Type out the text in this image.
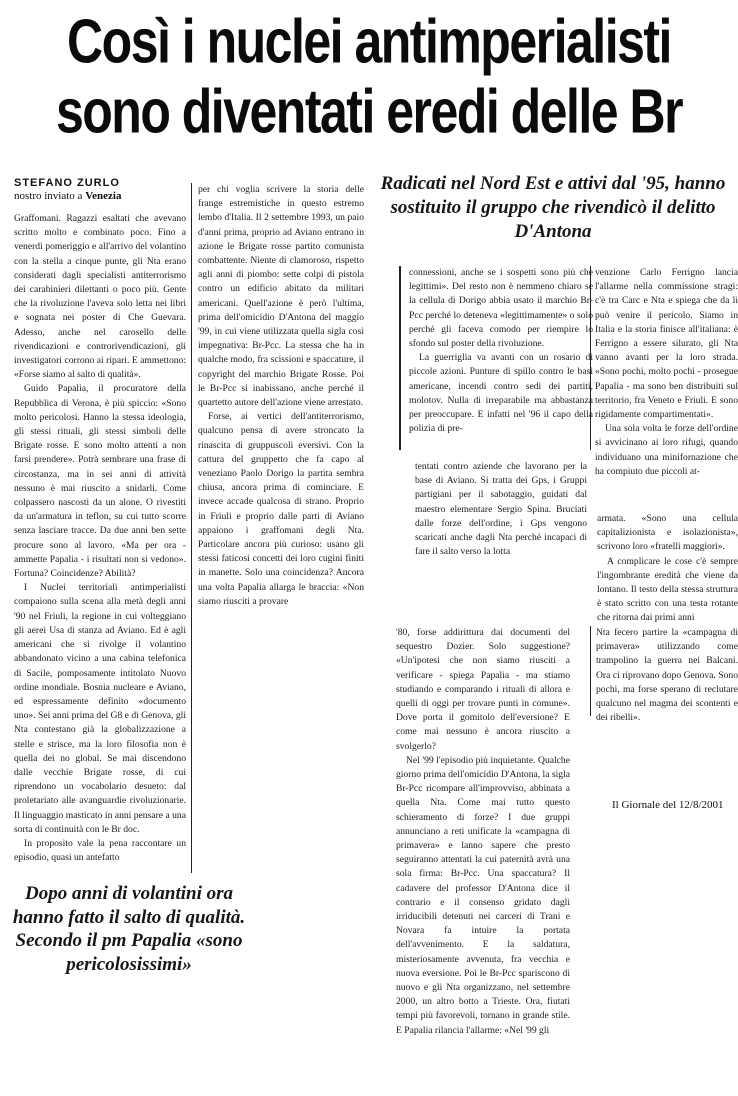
Così i nuclei antimperialisti
sono diventati eredi delle Br
STEFANO ZURLO
nostro inviato a Venezia
Radicati nel Nord Est e attivi dal '95, hanno sostituito il gruppo che rivendicò il delitto D'Antona

Graffomani. Ragazzi esaltati che avevano scritto molto e combinato poco. Fino a venerdì pomeriggio e all'arrivo del volantino con la stella a cinque punte, gli Nta erano considerati dagli specialisti antiterrorismo dei carabinieri dilettanti o poco più. Gente che la rivoluzione l'aveva solo letta nei libri e sognata nei poster di Che Guevara. Adesso, anche nel carosello delle rivendicazioni e controrivendicazioni, gli investigatori corrono ai ripari. E ammettono: «Forse siamo al salto di qualità».

Guido Papalia, il procuratore della Repubblica di Verona, è più spiccio: «Sono molto pericolosi. Hanno la stessa ideologia, gli stessi rituali, gli stessi simboli delle Brigate rosse. E sono molto attenti a non farsi prendere». Potrà sembrare una frase di circostanza, ma in sei anni di attività nessuno è mai riuscito a snidarli. Come colpassero nascosti da un alone. O rivestiti da un'armatura in teflon, su cui tutto scorre senza lasciare tracce. Da due anni ben sette procure sono al lavoro. «Ma per ora - ammette Papalia - i risultati non si vedono». Fortuna? Coincidenze? Abilità?

I Nuclei territoriali antimperialisti compaiono sulla scena alla metà degli anni '90 nel Friuli, la regione in cui volteggiano gli aerei Usa di stanza ad Aviano. Ed è agli americani che si rivolge il volantino abbandonato vicino a una cabina telefonica di Sacile, pomposamente intitolato Nuovo ordine mondiale. Bosnia nucleare e Aviano, ed espressamente definito «documento uno». Sei anni prima del G8 e di Genova, gli Nta contestano già la globalizzazione a stelle e strisce, ma la loro filosofia non è quella dei no global. Se mai discendono dalle vecchie Brigate rosse, di cui riprendono un vocabolario desueto: dal proletariato alle avanguardie rivoluzionarie. Il linguaggio masticato in anni pensare a una sorta di continuità con le Br doc.

In proposito vale la pena raccontare un episodio, quasi un antefatto

per chi voglia scrivere la storia delle frange estremistiche in questo estremo lembo d'Italia. Il 2 settembre 1993, un paio d'anni prima, proprio ad Aviano entrano in azione le Brigate rosse partito comunista combattente. Niente di clamoroso, rispetto agli anni di piombo: sette colpi di pistola contro un edificio abitato da militari americani. Quell'azione è però l'ultima, prima dell'omicidio D'Antona del maggio '99, in cui viene utilizzata quella sigla così impegnativa: Br-Pcc. La stessa che ha in qualche modo, fra scissioni e spaccature, il copyright del marchio Brigate Rosse. Poi le Br-Pcc si inabissano, anche perché il quartetto autore dell'azione viene arrestato.

Forse, ai vertici dell'antiterrorismo, qualcuno pensa di avere stroncato la rinascita di gruppuscoli eversivi. Con la cattura del gruppetto che fa capo al veneziano Paolo Dorigo la partita sembra chiusa, ancora prima di cominciare. E invece accade qualcosa di strano. Proprio in Friuli e proprio dalle parti di Aviano appaiono i graffomani degli Nta. Particolare ancora più curioso: usano gli stessi faticosi concetti dei loro cugini finiti in manette. Solo una coincidenza? Ancora una volta Papalia allarga le braccia: «Non siamo riusciti a provare

connessioni, anche se i sospetti sono più che legittimi». Del resto non è nemmeno chiaro se la cellula di Dorigo abbia usato il marchio Br-Pcc perché lo deteneva «legittimamente» o solo perché gli faceva comodo per riempire lo sfondo sul poster della rivoluzione.

La guerriglia va avanti con un rosario di piccole azioni. Punture di spillo contro le basi americane, incendi contro sedi dei partiti, molotov. Nulla di irreparabile ma abbastanza per preoccupare. E infatti nel '96 il capo della polizia di pre-

venzione Carlo Ferrigno lancia l'allarme nella commissione stragi: c'è tra Carc e Nta e spiega che da lì può venire il pericolo. Siamo in Italia e la storia finisce all'italiana: è Ferrigno a essere silurato, gli Nta vanno avanti per la loro strada. «Sono pochi, molto pochi - prosegue Papalia - ma sono ben distribuiti sul territorio, fra Veneto e Friuli. E sono rigidamente compartimentati».

Una sola volta le forze dell'ordine si avvicinano ai loro rifugi, quando individuano una minifornazione che ha compiuto due piccoli at-

tentati contro aziende che lavorano per la base di Aviano. Si tratta dei Gps, i Gruppi partigiani per il sabotaggio, guidati dal maestro elementare Sergio Spina. Bruciati dalle forze dell'ordine, i Gps vengono scaricati anche dagli Nta perché incapaci di fare il salto verso la lotta

armata. «Sono una cellula capitalizionista e isolazionista», scrivono loro «fratelli maggiori».

A complicare le cose c'è sempre l'ingombrante eredità che viene da lontano. Il testo della stessa struttura è stato scritto con una testa rotante che ritorna dai primi anni

'80, forse addirittura dai documenti del sequestro Dozier. Solo suggestione? «Un'ipotesi che non siamo riusciti a verificare - spiega Papalia - ma stiamo studiando e comparando i rituali di allora e quelli di oggi per trovare punti in comune». Dove porta il gomitolo dell'eversione? E come mai nessuno è ancora riuscito a svolgerlo?

Nel '99 l'episodio più inquietante. Qualche giorno prima dell'omicidio D'Antona, la sigla Br-Pcc ricompare all'improvviso, abbinata a quella Nta. Come mai tutto questo schieramento di forze? I due gruppi annunciano a reti unificate la «campagna di primavera» e lanno sapere che presto seguiranno attentati la cui paternità avrà una sola firma: Br-Pcc. Una spaccatura? Il cadavere del professor D'Antona dice il contrario e il consenso gridato dagli irriducibili detenuti nei carceri di Trani e Novara fa intuire la portata dell'avvenimento. E la saldatura, misteriosamente avvenuta, fra vecchia e nuova eversione. Poi le Br-Pcc spariscono di nuovo e gli Nta organizzano, nel settembre 2000, un altro botto a Trieste. Ora, fiutati tempi più favorevoli, tornano in grande stile. E Papalia rilancia l'allarme: «Nel '99 gli

Nta fecero partire la «campagna di primavera» utilizzando come trampolino la guerra nei Balcani. Ora ci riprovano dopo Genova. Sono pochi, ma forse sperano di reclutare qualcuno nel magma dei scontenti e dei ribelli».

Dopo anni di volantini ora hanno fatto il salto di qualità. Secondo il pm Papalia «sono pericolosissimi»
Il Giornale del 12/8/2001
